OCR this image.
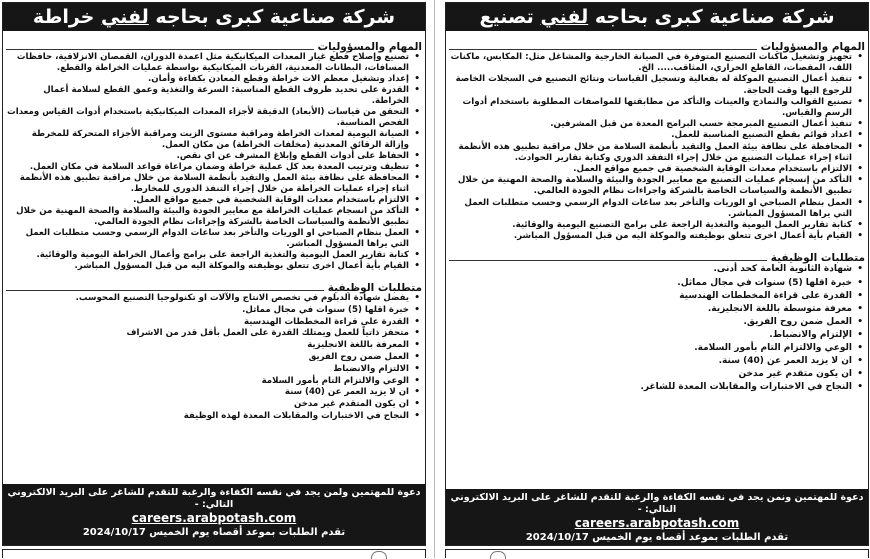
شركة صناعية كبرى بحاجه لفني خراطة
المهام والمسؤوليات
• تصنيع وإصلاح قطع غيار المعدات الميكانيكية مثل اعمدة الدوران، القمصان الانزلاقية، حافظات المسافات، البطانات المعدنية، القرنات الميكانيكية بواسطة عمليات الخراطة والقطع.
• إعداد وتشغيل معظم الات خراطة وقطع المعادن بكفاءة وأمان.
• القدرة على تحديد ظروف القطع المناسبة: السرعة والتغذية وعمق القطع لسلامة أعمال الخراطة.
• التحقق من قياسات (الأبعاد) الدقيقة لأجزاء المعدات الميكانيكية باستخدام أدوات القياس ومعدات الفحص المناسبة.
• الصيانة اليومية لمعدات الخراطة ومراقبة مستوى الزيت ومراقبة الأجزاء المتحركة للمخرطة وإزالة الرقائق المعدنية (مخلفات الخراطة) من مكان العمل.
• الحفاظ على أدوات القطع وإبلاغ المشرف عن اي نقص.
• تنظيف وترتيب المعدة بعد كل عملية خراطة وضمان مراعاة قواعد السلامة في مكان العمل.
• المحافظة على نظافة بيئة العمل والتقيد بأنظمة السلامة من خلال مراقبة تطبيق هذه الأنظمة اثناء إجراء عمليات الخراطة من خلال إجراء التنفذ الدوري للمخارط.
• الالتزام باستخدام معدات الوقاية الشخصية في جميع مواقع العمل.
• التأكد من انسجام عمليات الخراطة مع معايير الجودة والبيئة والسلامة والصحة المهنية من خلال تطبيق الأنظمة والسياسات الخاصة بالشركة وإجراءات نظام الجودة العالمي.
• العمل بنظام الصباحي او الوريات والتأخر بعد ساعات الدوام الرسمي وحسب متطلبات العمل التي يراها المسؤول المباشر.
• كتابة تقارير العمل اليومية والتغذية الراجعة على برامج وأعمال الخراطة اليومية والوقائية.
• القيام بأية أعمال اخرى تتعلق بوظيفته والموكلة اليه من قبل المسؤول المباشر.
متطلبات الوظيفية
• يفضل شهادة الدبلوم في تخصص الانتاج والآلات او تكنولوجيا التصنيع المحوسب.
• خبرة اقلها (5) سنوات في مجال مماثل.
• القدرة على قراءة المخططات الهندسية
• متحفز ذاتياً للعمل ويمتلك القدرة على العمل بأقل قدر من الاشراف
• المعرفة باللغة الانجليزية
• العمل ضمن روح الفريق
• الالتزام والانضباط
• الوعي والالتزام التام بأمور السلامة
• ان لا يزيد العمر عن (40) سنة
• ان يكون المتقدم غير مدخن
• النجاح في الاختبارات والمقابلات المعدة لهذه الوظيفة
دعوة للمهتمين ولمن يجد في نفسه الكفاءة والرغبة للتقدم للشاغر على البريد الالكتروني التالي: -
careers.arabpotash.com
تقدم الطلبات بموعد أقصاه يوم الخميس 2024/10/17
شركة صناعية كبرى بحاجه لفني تصنيع
المهام والمسؤوليات
• تجهيز وتشغيل ماكنات التصنيع المتوفرة في الصيانة الخارجية والمشاغل مثل: المكابس، ماكنات اللف، المقصات، القاطع الحراري، المثاقب..... الخ.
• تنفيذ أعمال التصنيع الموكلة له بفعالية وتسجيل القياسات ونتائج التصنيع في السجلات الخاصة للرجوع اليها وقت الحاجة.
• تصنيع القوالب والنماذج والعينات والتأكد من مطابقتها للمواصفات المطلوبة باستخدام أدوات الرسم والقياس.
• تنفيذ أعمال التصنيع المبرمجة حسب البرامج المعدة من قبل المشرفين.
• اعداد قوائم بقطع التصنيع المناسبة للعمل.
• المحافظة على نظافة بيئة العمل والتقيد بأنظمة السلامة من خلال مراقبة تطبيق هذه الأنظمة اثناء إجراء عمليات التصنيع من خلال إجراء التفقد الدوري وكتابة تقارير الحوادث.
• الالتزام باستخدام معدات الوقاية الشخصية في جميع مواقع العمل.
• التأكد من إنسجام عمليات التصنيع مع معايير الجودة والبيئة والسلامة والصحة المهنية من خلال تطبيق الأنظمة والسياسات الخاصة بالشركة واجراءات نظام الجودة العالمي.
• العمل بنظام الصباحي او الوريات والتأخر بعد ساعات الدوام الرسمي وحسب متطلبات العمل التي يراها المسؤول المباشر.
• كتابة تقارير العمل اليومية والتغذية الراجعة على برامج التصنيع اليومية والوقائية.
• القيام بأية أعمال اخرى تتعلق بوظيفته والموكلة اليه من قبل المسؤول المباشر.
متطلبات الوظيفية
• شهادة الثانوية العامة كحد أدنى.
• خبرة اقلها (5) سنوات في مجال مماثل.
• القدرة على قراءة المخططات الهندسية
• معرفة متوسطة باللغة الانجليزية.
• العمل ضمن روح الفريق.
• الإلتزام والانضباط.
• الوعي والالتزام التام بأمور السلامة.
• ان لا يزيد العمر عن (40) سنة.
• ان يكون متقدم غير مدخن
• النجاح في الاختبارات والمقابلات المعدة للشاغر.
دعوة للمهتمين ونمن يجد في نفسه الكفاءة والرغبة للتقدم للشاغر على البريد الالكتروني التالي: -
careers.arabpotash.com
تقدم الطلبات بموعد أقصاه يوم الخميس 2024/10/17
